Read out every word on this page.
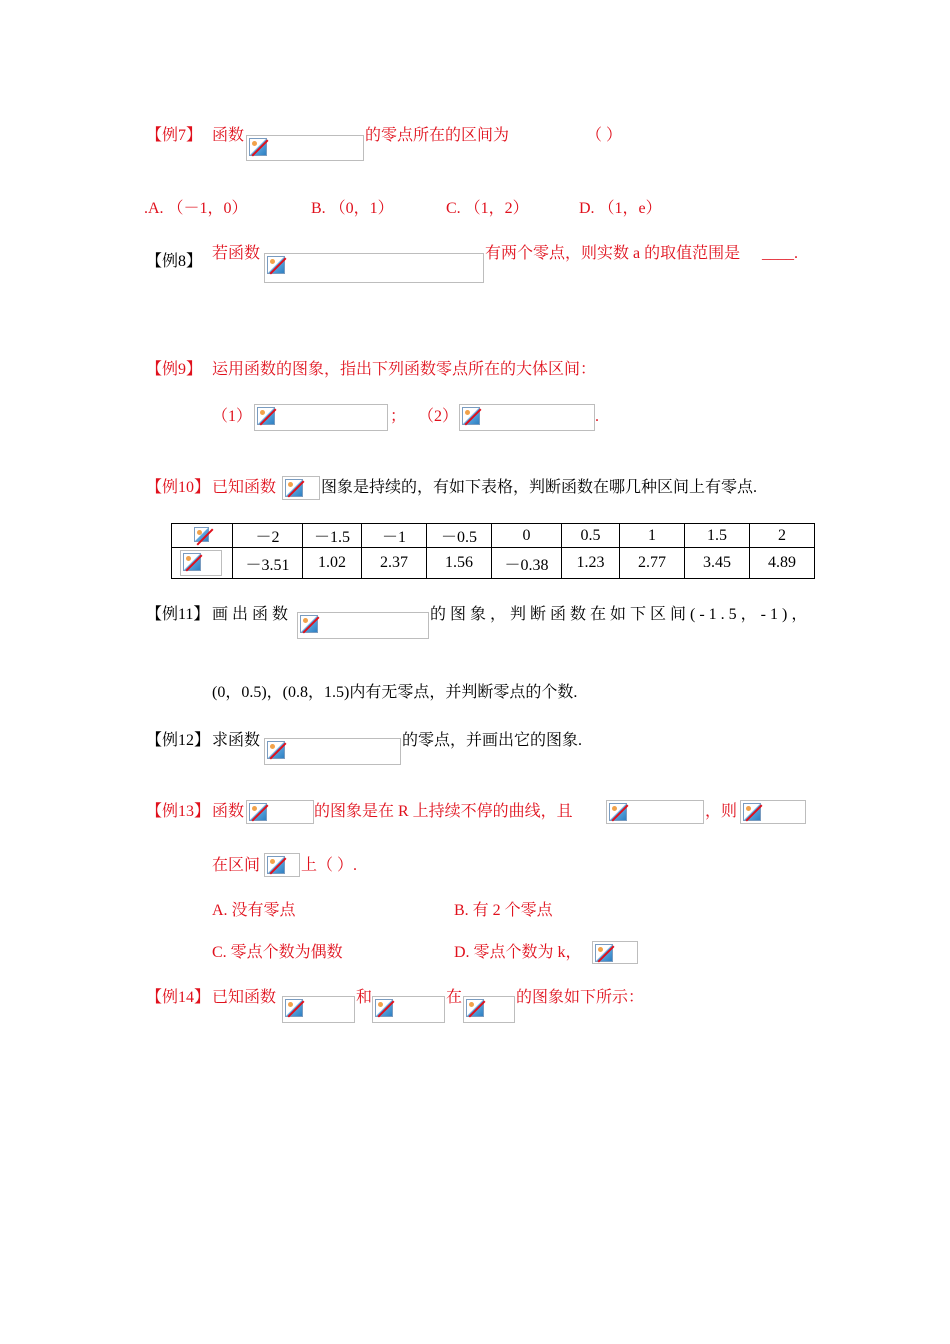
【例7】 函数	的零点所在的区间为	（ ）
.A. （－1，0）	B. （0，1）	C. （1，2）	D. （1，e）
【例8】 若函数	有两个零点，则实数 a 的取值范围是 ____.
【例9】 运用函数的图象，指出下列函数零点所在的大体区间：
（1）	； （2）	.
【例10】 已知函数	图象是持续的，有如下表格，判断函数在哪几种区间上有零点.
	－2	－1.5	－1	－0.5	0	0.5	1	1.5	2

	－3.51	1.02	2.37	1.56	－0.38	1.23	2.77	3.45	4.89
【例11】 画出函数	的图象，判断函数在如下区间(-1.5，-1)，
(0，0.5)，(0.8，1.5)内有无零点，并判断零点的个数.
【例12】 求函数	的零点，并画出它的图象.
【例13】 函数	的图象是在 R 上持续不停的曲线，且	，则
在区间	上（ ）.
A. 没有零点	B. 有 2 个零点
C. 零点个数为偶数	D. 零点个数为 k，
【例14】 已知函数	和	在	的图象如下所示：
